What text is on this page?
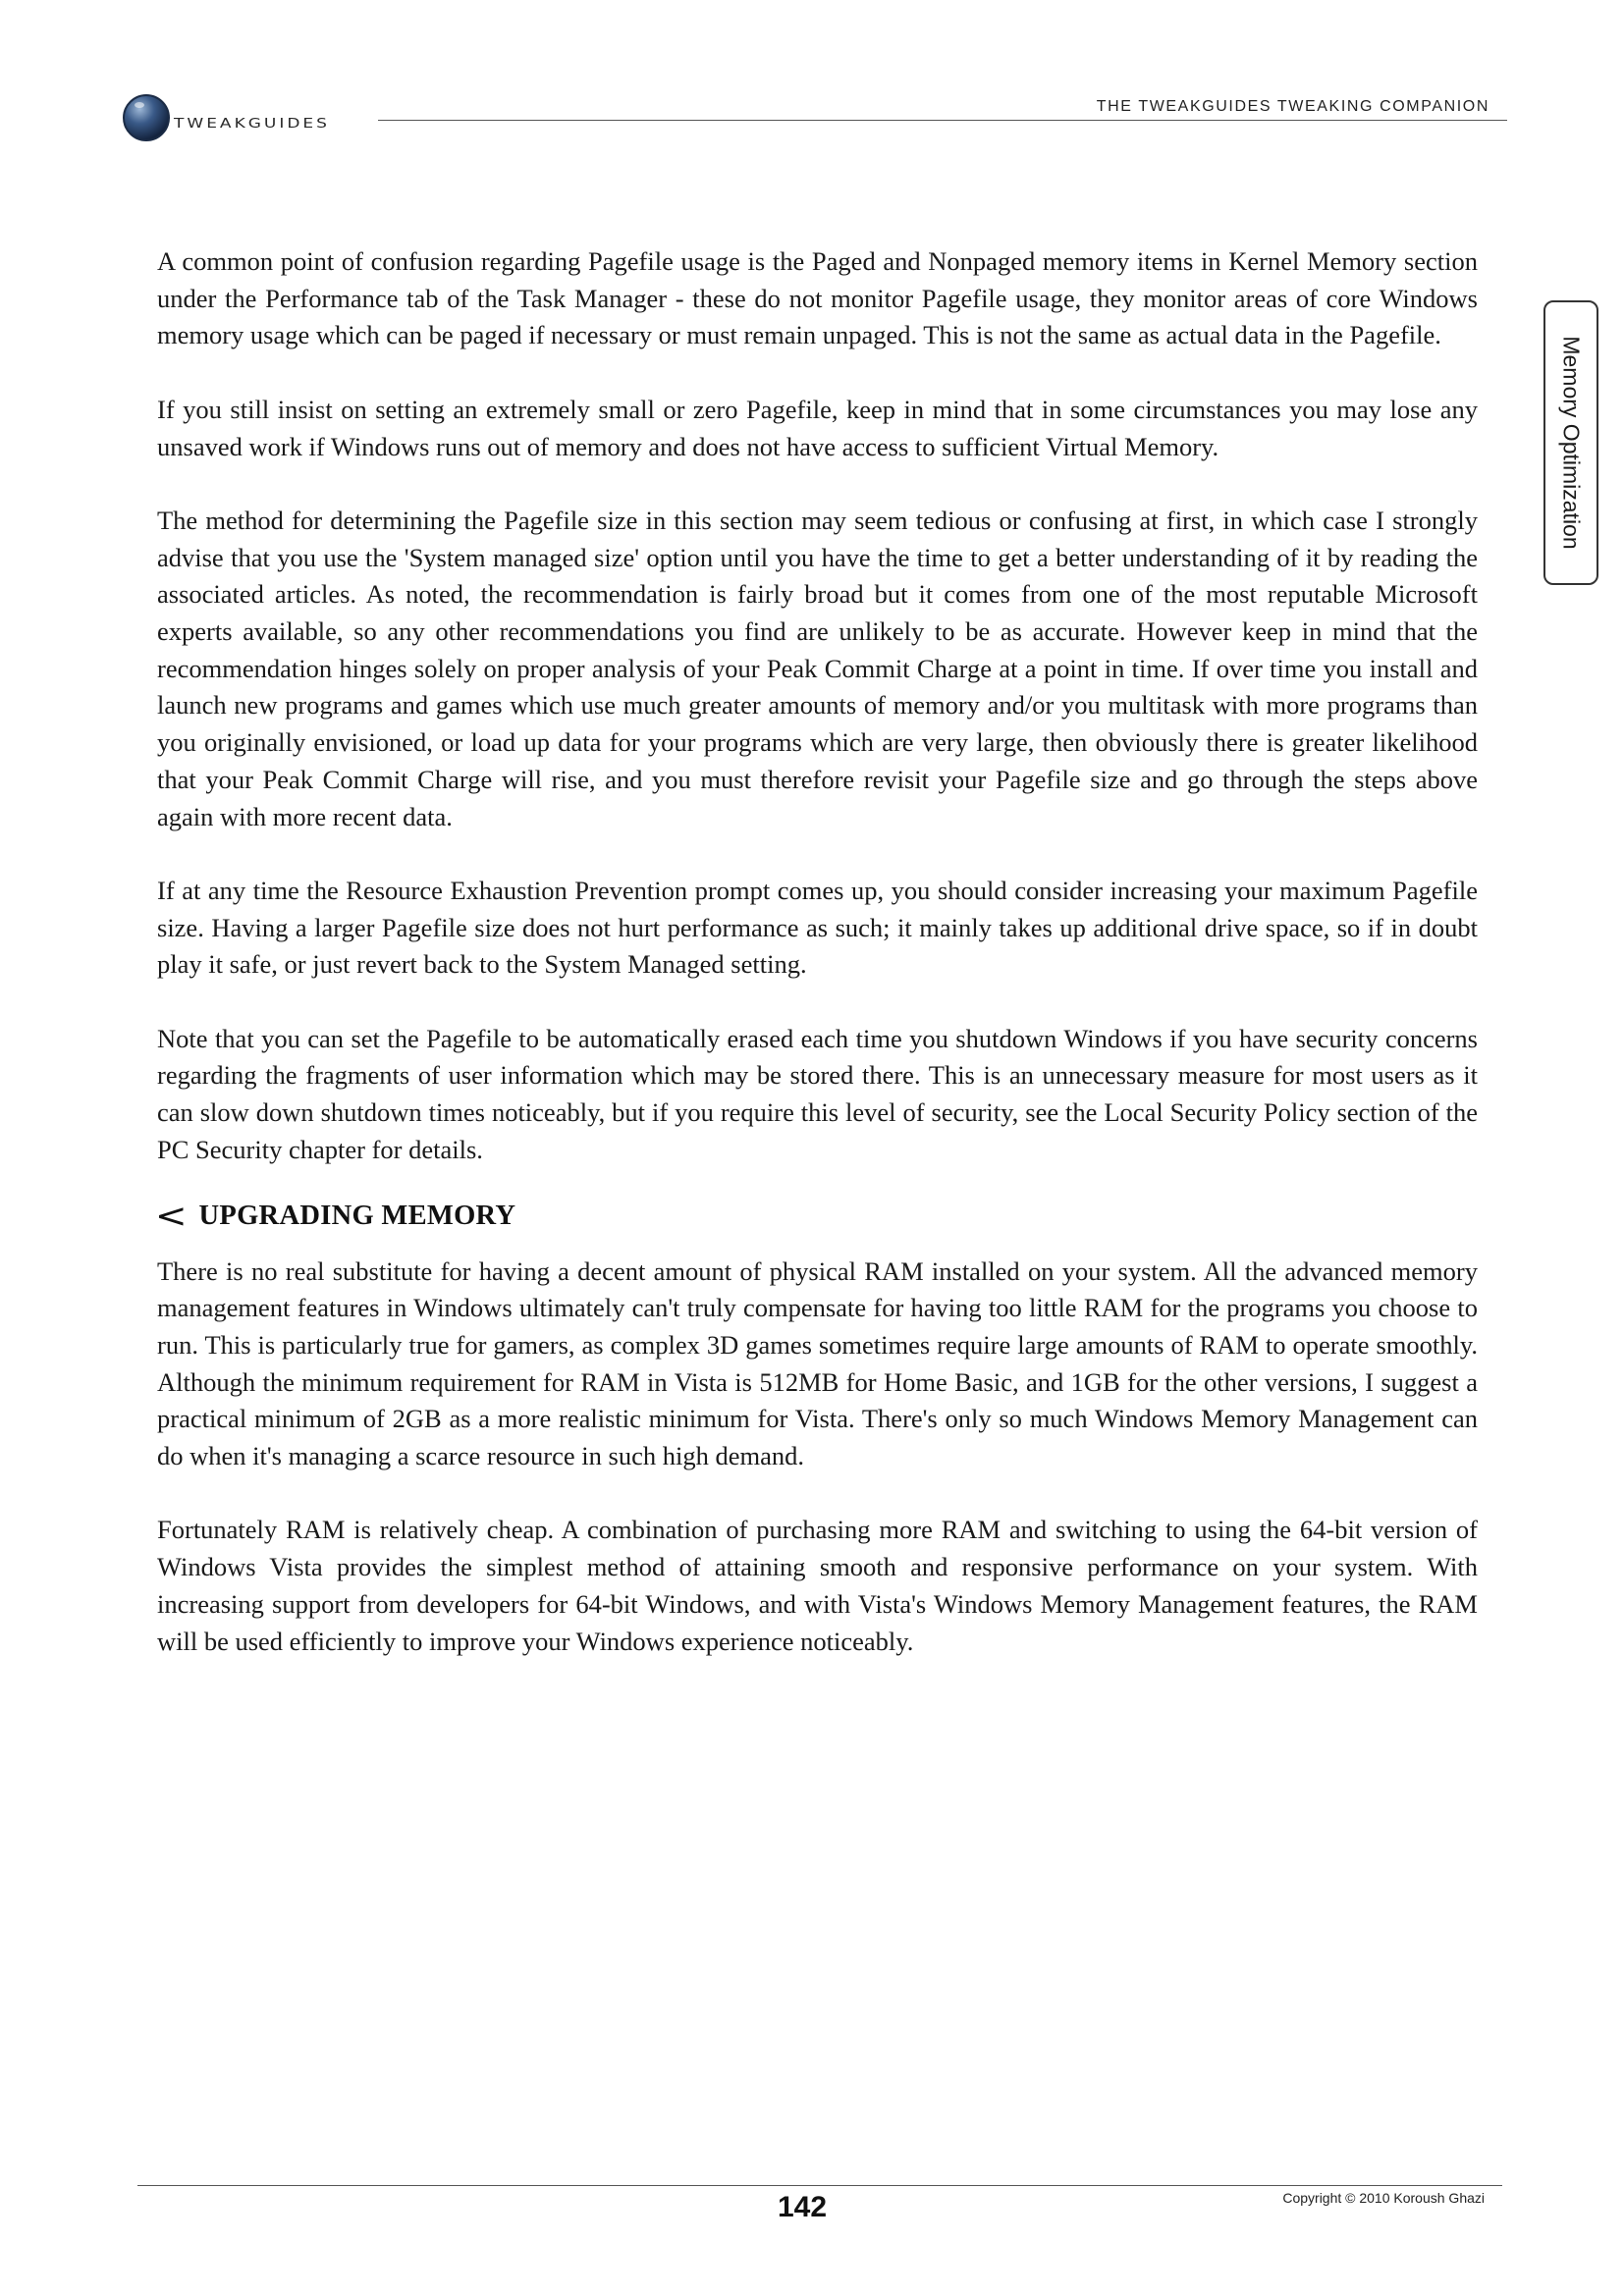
TWEAKGUIDES
THE TWEAKGUIDES TWEAKING COMPANION
Memory Optimization

A common point of confusion regarding Pagefile usage is the Paged and Nonpaged memory items in Kernel Memory section under the Performance tab of the Task Manager - these do not monitor Pagefile usage, they monitor areas of core Windows memory usage which can be paged if necessary or must remain unpaged. This is not the same as actual data in the Pagefile.

If you still insist on setting an extremely small or zero Pagefile, keep in mind that in some circumstances you may lose any unsaved work if Windows runs out of memory and does not have access to sufficient Virtual Memory.

The method for determining the Pagefile size in this section may seem tedious or confusing at first, in which case I strongly advise that you use the 'System managed size' option until you have the time to get a better understanding of it by reading the associated articles. As noted, the recommendation is fairly broad but it comes from one of the most reputable Microsoft experts available, so any other recommendations you find are unlikely to be as accurate. However keep in mind that the recommendation hinges solely on proper analysis of your Peak Commit Charge at a point in time. If over time you install and launch new programs and games which use much greater amounts of memory and/or you multitask with more programs than you originally envisioned, or load up data for your programs which are very large, then obviously there is greater likelihood that your Peak Commit Charge will rise, and you must therefore revisit your Pagefile size and go through the steps above again with more recent data.

If at any time the Resource Exhaustion Prevention prompt comes up, you should consider increasing your maximum Pagefile size. Having a larger Pagefile size does not hurt performance as such; it mainly takes up additional drive space, so if in doubt play it safe, or just revert back to the System Managed setting.

Note that you can set the Pagefile to be automatically erased each time you shutdown Windows if you have security concerns regarding the fragments of user information which may be stored there. This is an unnecessary measure for most users as it can slow down shutdown times noticeably, but if you require this level of security, see the Local Security Policy section of the PC Security chapter for details.

< UPGRADING MEMORY

There is no real substitute for having a decent amount of physical RAM installed on your system. All the advanced memory management features in Windows ultimately can't truly compensate for having too little RAM for the programs you choose to run. This is particularly true for gamers, as complex 3D games sometimes require large amounts of RAM to operate smoothly. Although the minimum requirement for RAM in Vista is 512MB for Home Basic, and 1GB for the other versions, I suggest a practical minimum of 2GB as a more realistic minimum for Vista. There's only so much Windows Memory Management can do when it's managing a scarce resource in such high demand.

Fortunately RAM is relatively cheap. A combination of purchasing more RAM and switching to using the 64-bit version of Windows Vista provides the simplest method of attaining smooth and responsive performance on your system. With increasing support from developers for 64-bit Windows, and with Vista's Windows Memory Management features, the RAM will be used efficiently to improve your Windows experience noticeably.

142	Copyright © 2010 Koroush Ghazi
